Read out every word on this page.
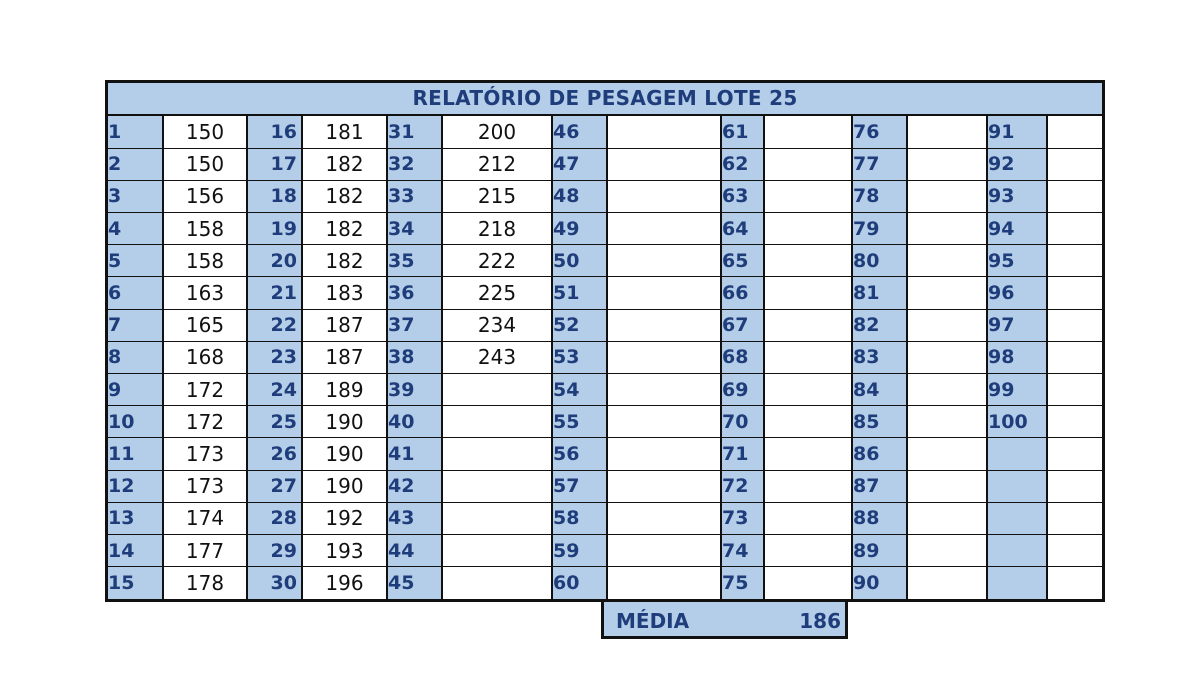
RELATÓRIO DE PESAGEM LOTE 25
1	150	16	181	31	200	46		61		76		91	
2	150	17	182	32	212	47		62		77		92	
3	156	18	182	33	215	48		63		78		93	
4	158	19	182	34	218	49		64		79		94	
5	158	20	182	35	222	50		65		80		95	
6	163	21	183	36	225	51		66		81		96	
7	165	22	187	37	234	52		67		82		97	
8	168	23	187	38	243	53		68		83		98	
9	172	24	189	39		54		69		84		99	
10	172	25	190	40		55		70		85		100	
11	173	26	190	41		56		71		86			
12	173	27	190	42		57		72		87			
13	174	28	192	43		58		73		88			
14	177	29	193	44		59		74		89			
15	178	30	196	45		60		75		90			
MÉDIA	186
